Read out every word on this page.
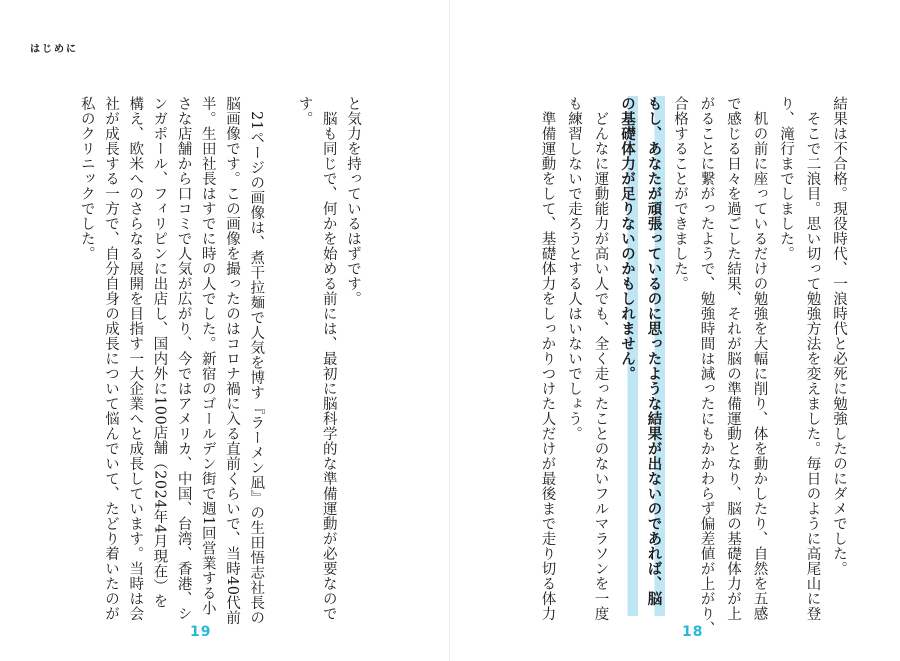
はじめに
結果は不合格。現役時代、一浪時代と必死に勉強したのにダメでした。
　そこで二浪目。思い切って勉強方法を変えました。毎日のように高尾山に登
り、滝行までしました。
　机の前に座っているだけの勉強を大幅に削り、体を動かしたり、自然を五感
で感じる日々を過ごした結果、それが脳の準備運動となり、脳の基礎体力が上
がることに繋がったようで、勉強時間は減ったにもかかわらず偏差値が上がり、
合格することができました。
もし、あなたが頑張っているのに思ったような結果が出ないのであれば、脳
の基礎体力が足りないのかもしれません。
　どんなに運動能力が高い人でも、全く走ったことのないフルマラソンを一度
も練習しないで走ろうとする人はいないでしょう。
　準備運動をして、基礎体力をしっかりつけた人だけが最後まで走り切る体力
と気力を持っているはずです。
　脳も同じで、何かを始める前には、最初に脳科学的な準備運動が必要なので
す。
　21ページの画像は、煮干拉麺で人気を博す『ラーメン凪』の生田悟志社長の
脳画像です。この画像を撮ったのはコロナ禍に入る直前くらいで、当時40代前
半。生田社長はすでに時の人でした。新宿のゴールデン街で週1回営業する小
さな店舗から口コミで人気が広がり、今ではアメリカ、中国、台湾、香港、シ
ンガポール、フィリピンに出店し、国内外に100店舗（2024年4月現在）を
構え、欧米へのさらなる展開を目指す一大企業へと成長しています。当時は会
社が成長する一方で、自分自身の成長について悩んでいて、たどり着いたのが
私のクリニックでした。
18
19
